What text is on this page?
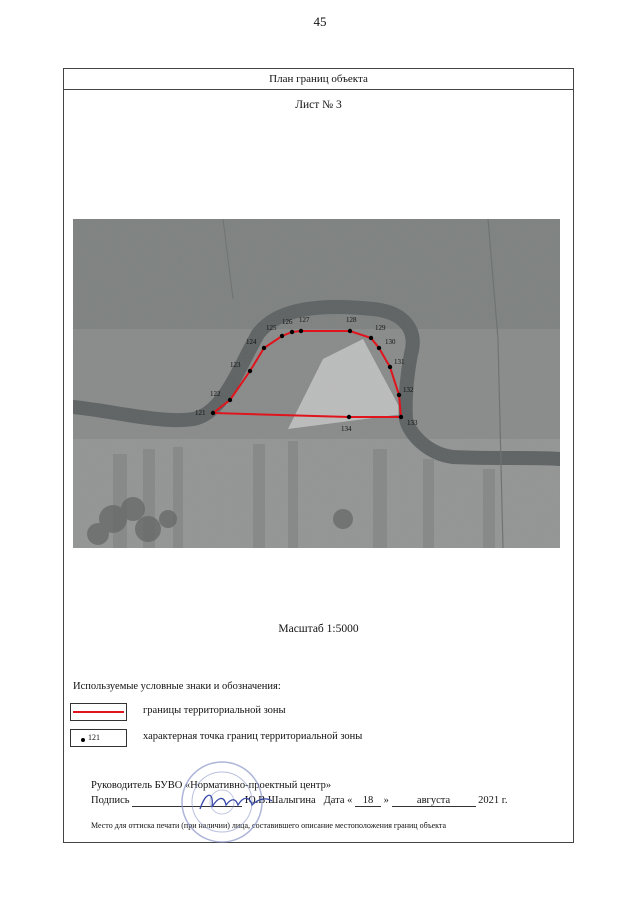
45
План границ объекта
Лист № 3
121
122
123
124
125
126 127	128
129
130
131
132
133
134
Масштаб 1:5000
Используемые условные знаки и обозначения:
границы территориальной зоны
121	характерная точка границ территориальной зоны
Руководитель БУВО «Нормативно-проектный центр»
Подпись	Ю.В.Шалыгина Дата « 18 »	августа	2021 г.
Место для оттиска печати (при наличии) лица, составившего описание местоположения границ объекта
